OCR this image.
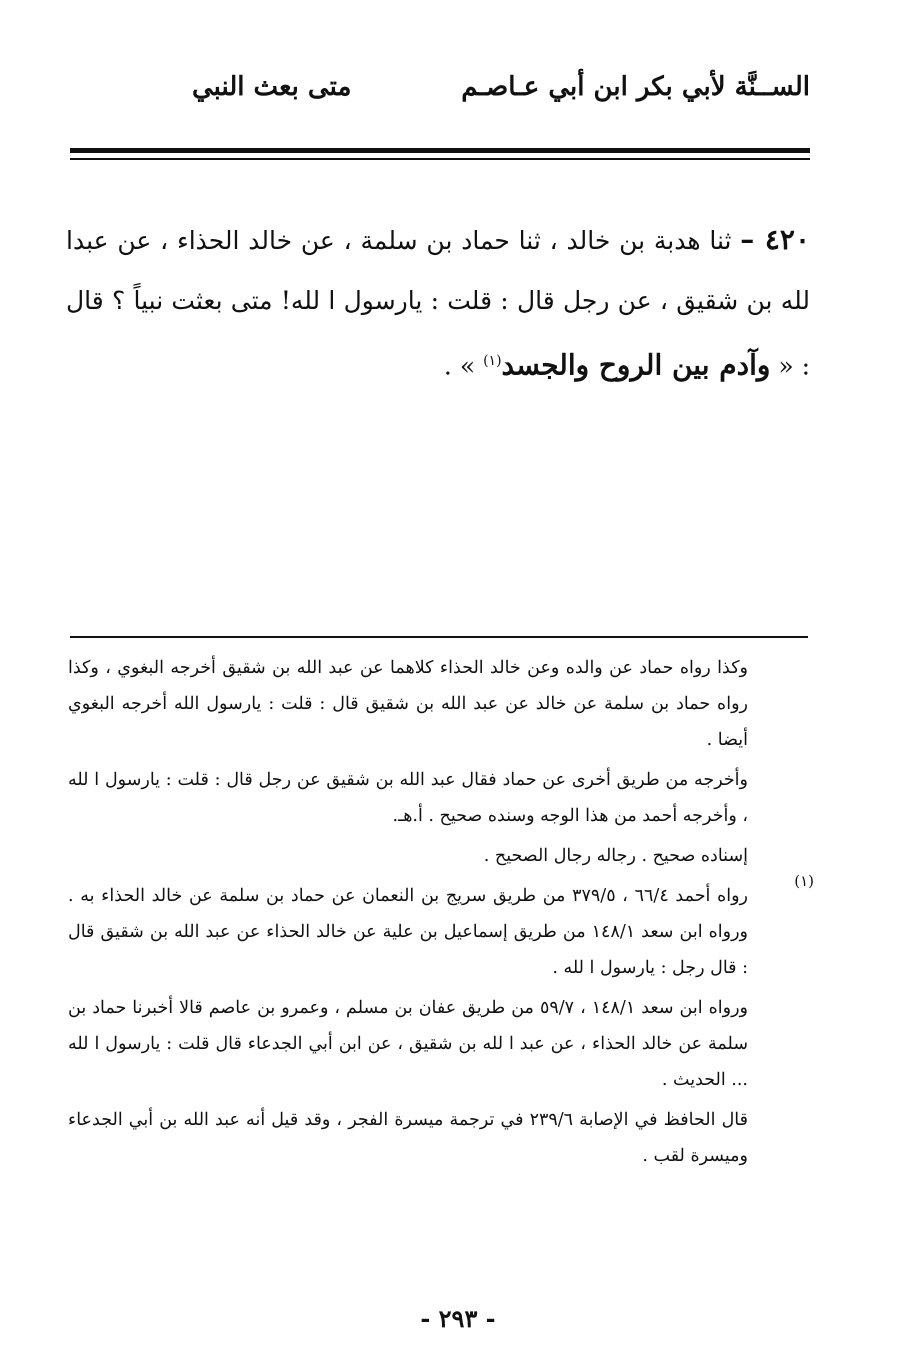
الســنَّة لأبي بكر ابن أبي عـاصـم
متى بعث النبي
٤٢٠ – ثنا هدبة بن خالد ، ثنا حماد بن سلمة ، عن خالد الحذاء ، عن عبدا لله بن شقيق ، عن رجل قال : قلت : يارسول ا لله! متى بعثت نبياً ؟ قال : « وآدم بين الروح والجسد$^{(١)}$ » .
(١)

وكذا رواه حماد عن والده وعن خالد الحذاء كلاهما عن عبد الله بن شقيق أخرجه البغوي ، وكذا رواه حماد بن سلمة عن خالد عن عبد الله بن شقيق قال : قلت : يارسول الله أخرجه البغوي أيضا .

وأخرجه من طريق أخرى عن حماد فقال عبد الله بن شقيق عن رجل قال : قلت : يارسول ا لله ، وأخرجه أحمد من هذا الوجه وسنده صحيح . أ.هـ.

إسناده صحيح . رجاله رجال الصحيح .

رواه أحمد ٦٦/٤ ، ٣٧٩/٥ من طريق سريج بن النعمان عن حماد بن سلمة عن خالد الحذاء به . ورواه ابن سعد ١٤٨/١ من طريق إسماعيل بن علية عن خالد الحذاء عن عبد الله بن شقيق قال : قال رجل : يارسول ا لله .

ورواه ابن سعد ١٤٨/١ ، ٥٩/٧ من طريق عفان بن مسلم ، وعمرو بن عاصم قالا أخبرنا حماد بن سلمة عن خالد الحذاء ، عن عبد ا لله بن شقيق ، عن ابن أبي الجدعاء قال قلت : يارسول ا لله ... الحديث .

قال الحافظ في الإصابة ٢٣٩/٦ في ترجمة ميسرة الفجر ، وقد قيل أنه عبد الله بن أبي الجدعاء وميسرة لقب .

- ٢٩٣ -
